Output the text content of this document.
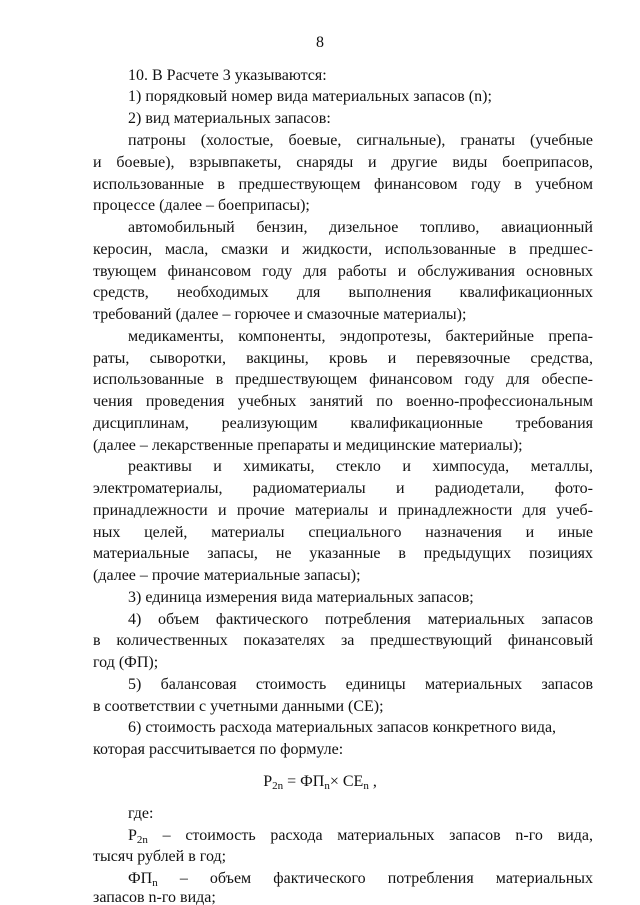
8
10. В Расчете 3 указываются:
1) порядковый номер вида материальных запасов (n);
2) вид материальных запасов:
патроны (холостые, боевые, сигнальные), гранаты (учебные
и боевые), взрывпакеты, снаряды и другие виды боеприпасов,
использованные в предшествующем финансовом году в учебном
процессе (далее – боеприпасы);
автомобильный бензин, дизельное топливо, авиационный
керосин, масла, смазки и жидкости, использованные в предшес-
твующем финансовом году для работы и обслуживания основных
средств, необходимых для выполнения квалификационных
требований (далее – горючее и смазочные материалы);
медикаменты, компоненты, эндопротезы, бактерийные препа-
раты, сыворотки, вакцины, кровь и перевязочные средства,
использованные в предшествующем финансовом году для обеспе-
чения проведения учебных занятий по военно-профессиональным
дисциплинам, реализующим квалификационные требования
(далее – лекарственные препараты и медицинские материалы);
реактивы и химикаты, стекло и химпосуда, металлы,
электроматериалы, радиоматериалы и радиодетали, фото-
принадлежности и прочие материалы и принадлежности для учеб-
ных целей, материалы специального назначения и иные
материальные запасы, не указанные в предыдущих позициях
(далее – прочие материальные запасы);
3) единица измерения вида материальных запасов;
4) объем фактического потребления материальных запасов
в количественных показателях за предшествующий финансовый
год (ФП);
5) балансовая стоимость единицы материальных запасов
в соответствии с учетными данными (СЕ);
6) стоимость расхода материальных запасов конкретного вида,
которая рассчитывается по формуле:
$Р_{2n} = ФП_n\times СЕ_n$ ,
где:
$Р_{2n}$ – стоимость расхода материальных запасов n-го вида,
тысяч рублей в год;
$ФП_n$ – объем фактического потребления материальных
запасов n-го вида;
